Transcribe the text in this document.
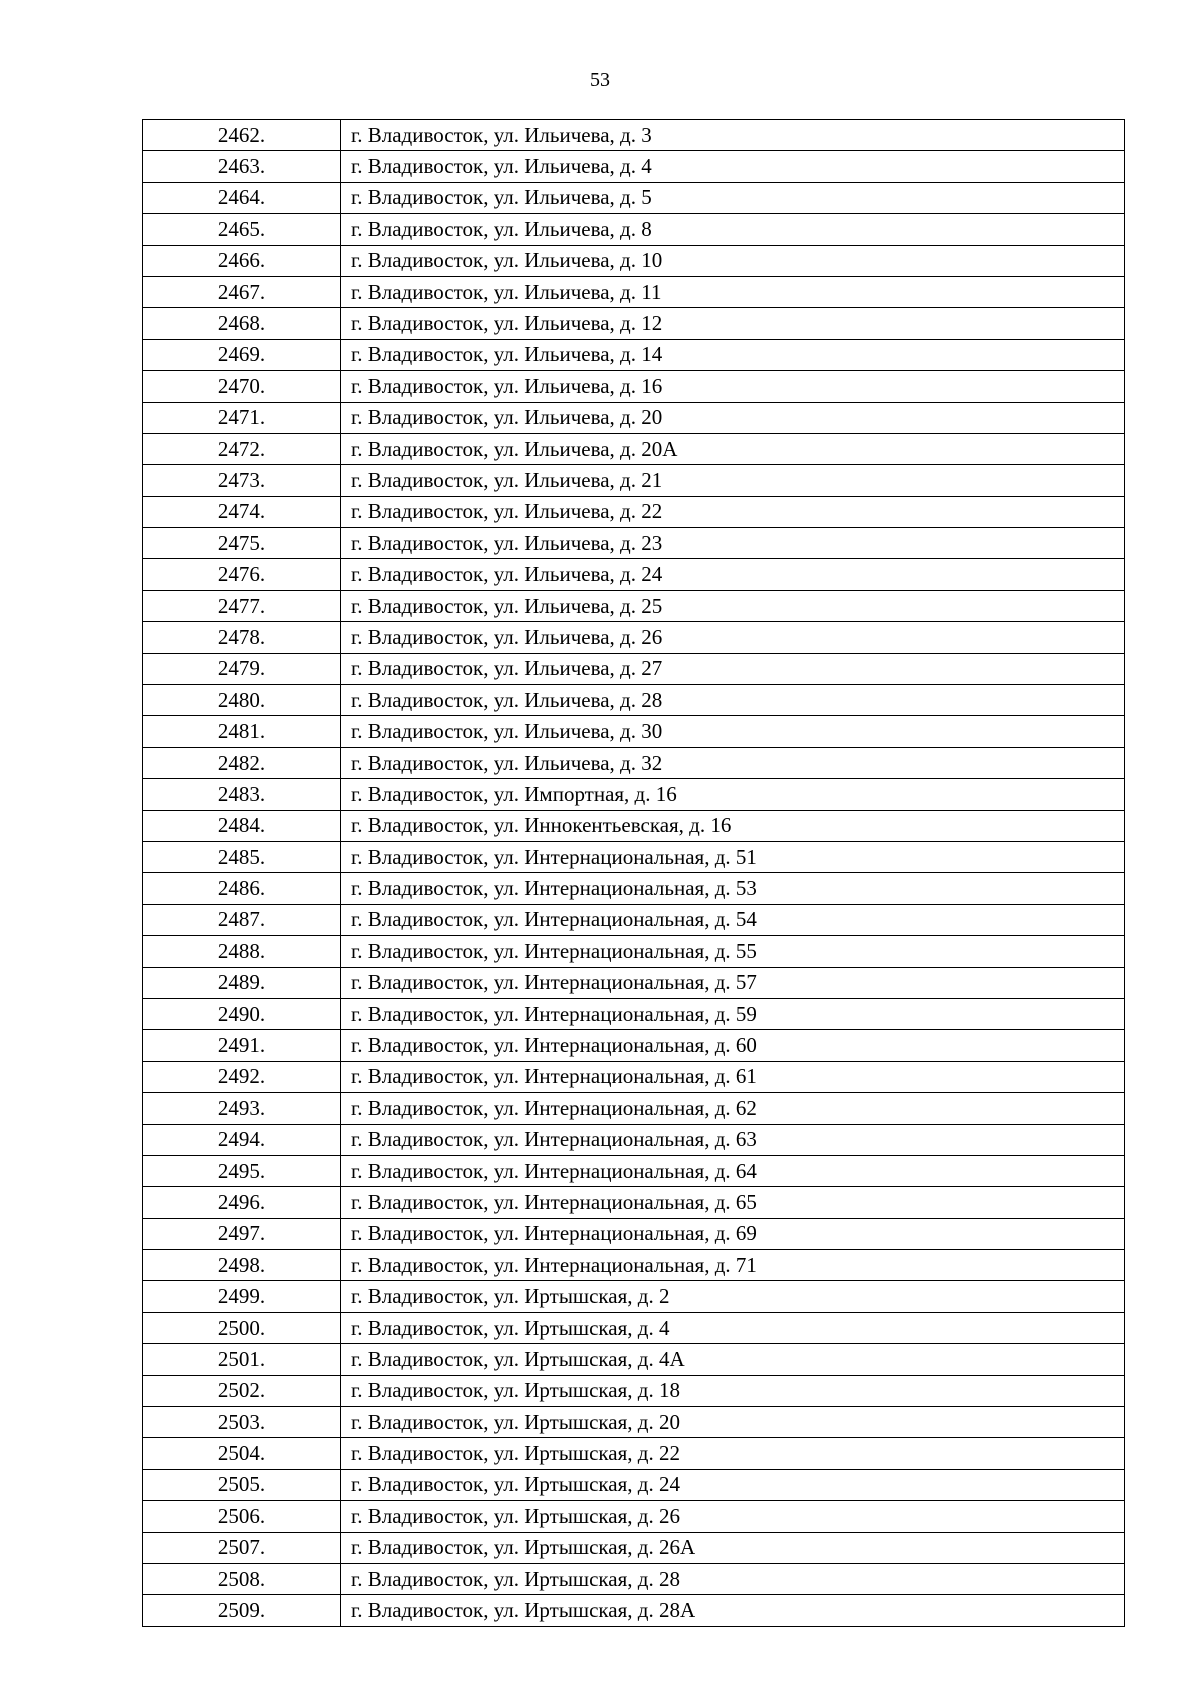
53
2462.	г. Владивосток, ул. Ильичева, д. 3
2463.	г. Владивосток, ул. Ильичева, д. 4
2464.	г. Владивосток, ул. Ильичева, д. 5
2465.	г. Владивосток, ул. Ильичева, д. 8
2466.	г. Владивосток, ул. Ильичева, д. 10
2467.	г. Владивосток, ул. Ильичева, д. 11
2468.	г. Владивосток, ул. Ильичева, д. 12
2469.	г. Владивосток, ул. Ильичева, д. 14
2470.	г. Владивосток, ул. Ильичева, д. 16
2471.	г. Владивосток, ул. Ильичева, д. 20
2472.	г. Владивосток, ул. Ильичева, д. 20А
2473.	г. Владивосток, ул. Ильичева, д. 21
2474.	г. Владивосток, ул. Ильичева, д. 22
2475.	г. Владивосток, ул. Ильичева, д. 23
2476.	г. Владивосток, ул. Ильичева, д. 24
2477.	г. Владивосток, ул. Ильичева, д. 25
2478.	г. Владивосток, ул. Ильичева, д. 26
2479.	г. Владивосток, ул. Ильичева, д. 27
2480.	г. Владивосток, ул. Ильичева, д. 28
2481.	г. Владивосток, ул. Ильичева, д. 30
2482.	г. Владивосток, ул. Ильичева, д. 32
2483.	г. Владивосток, ул. Импортная, д. 16
2484.	г. Владивосток, ул. Иннокентьевская, д. 16
2485.	г. Владивосток, ул. Интернациональная, д. 51
2486.	г. Владивосток, ул. Интернациональная, д. 53
2487.	г. Владивосток, ул. Интернациональная, д. 54
2488.	г. Владивосток, ул. Интернациональная, д. 55
2489.	г. Владивосток, ул. Интернациональная, д. 57
2490.	г. Владивосток, ул. Интернациональная, д. 59
2491.	г. Владивосток, ул. Интернациональная, д. 60
2492.	г. Владивосток, ул. Интернациональная, д. 61
2493.	г. Владивосток, ул. Интернациональная, д. 62
2494.	г. Владивосток, ул. Интернациональная, д. 63
2495.	г. Владивосток, ул. Интернациональная, д. 64
2496.	г. Владивосток, ул. Интернациональная, д. 65
2497.	г. Владивосток, ул. Интернациональная, д. 69
2498.	г. Владивосток, ул. Интернациональная, д. 71
2499.	г. Владивосток, ул. Иртышская, д. 2
2500.	г. Владивосток, ул. Иртышская, д. 4
2501.	г. Владивосток, ул. Иртышская, д. 4А
2502.	г. Владивосток, ул. Иртышская, д. 18
2503.	г. Владивосток, ул. Иртышская, д. 20
2504.	г. Владивосток, ул. Иртышская, д. 22
2505.	г. Владивосток, ул. Иртышская, д. 24
2506.	г. Владивосток, ул. Иртышская, д. 26
2507.	г. Владивосток, ул. Иртышская, д. 26А
2508.	г. Владивосток, ул. Иртышская, д. 28
2509.	г. Владивосток, ул. Иртышская, д. 28А
